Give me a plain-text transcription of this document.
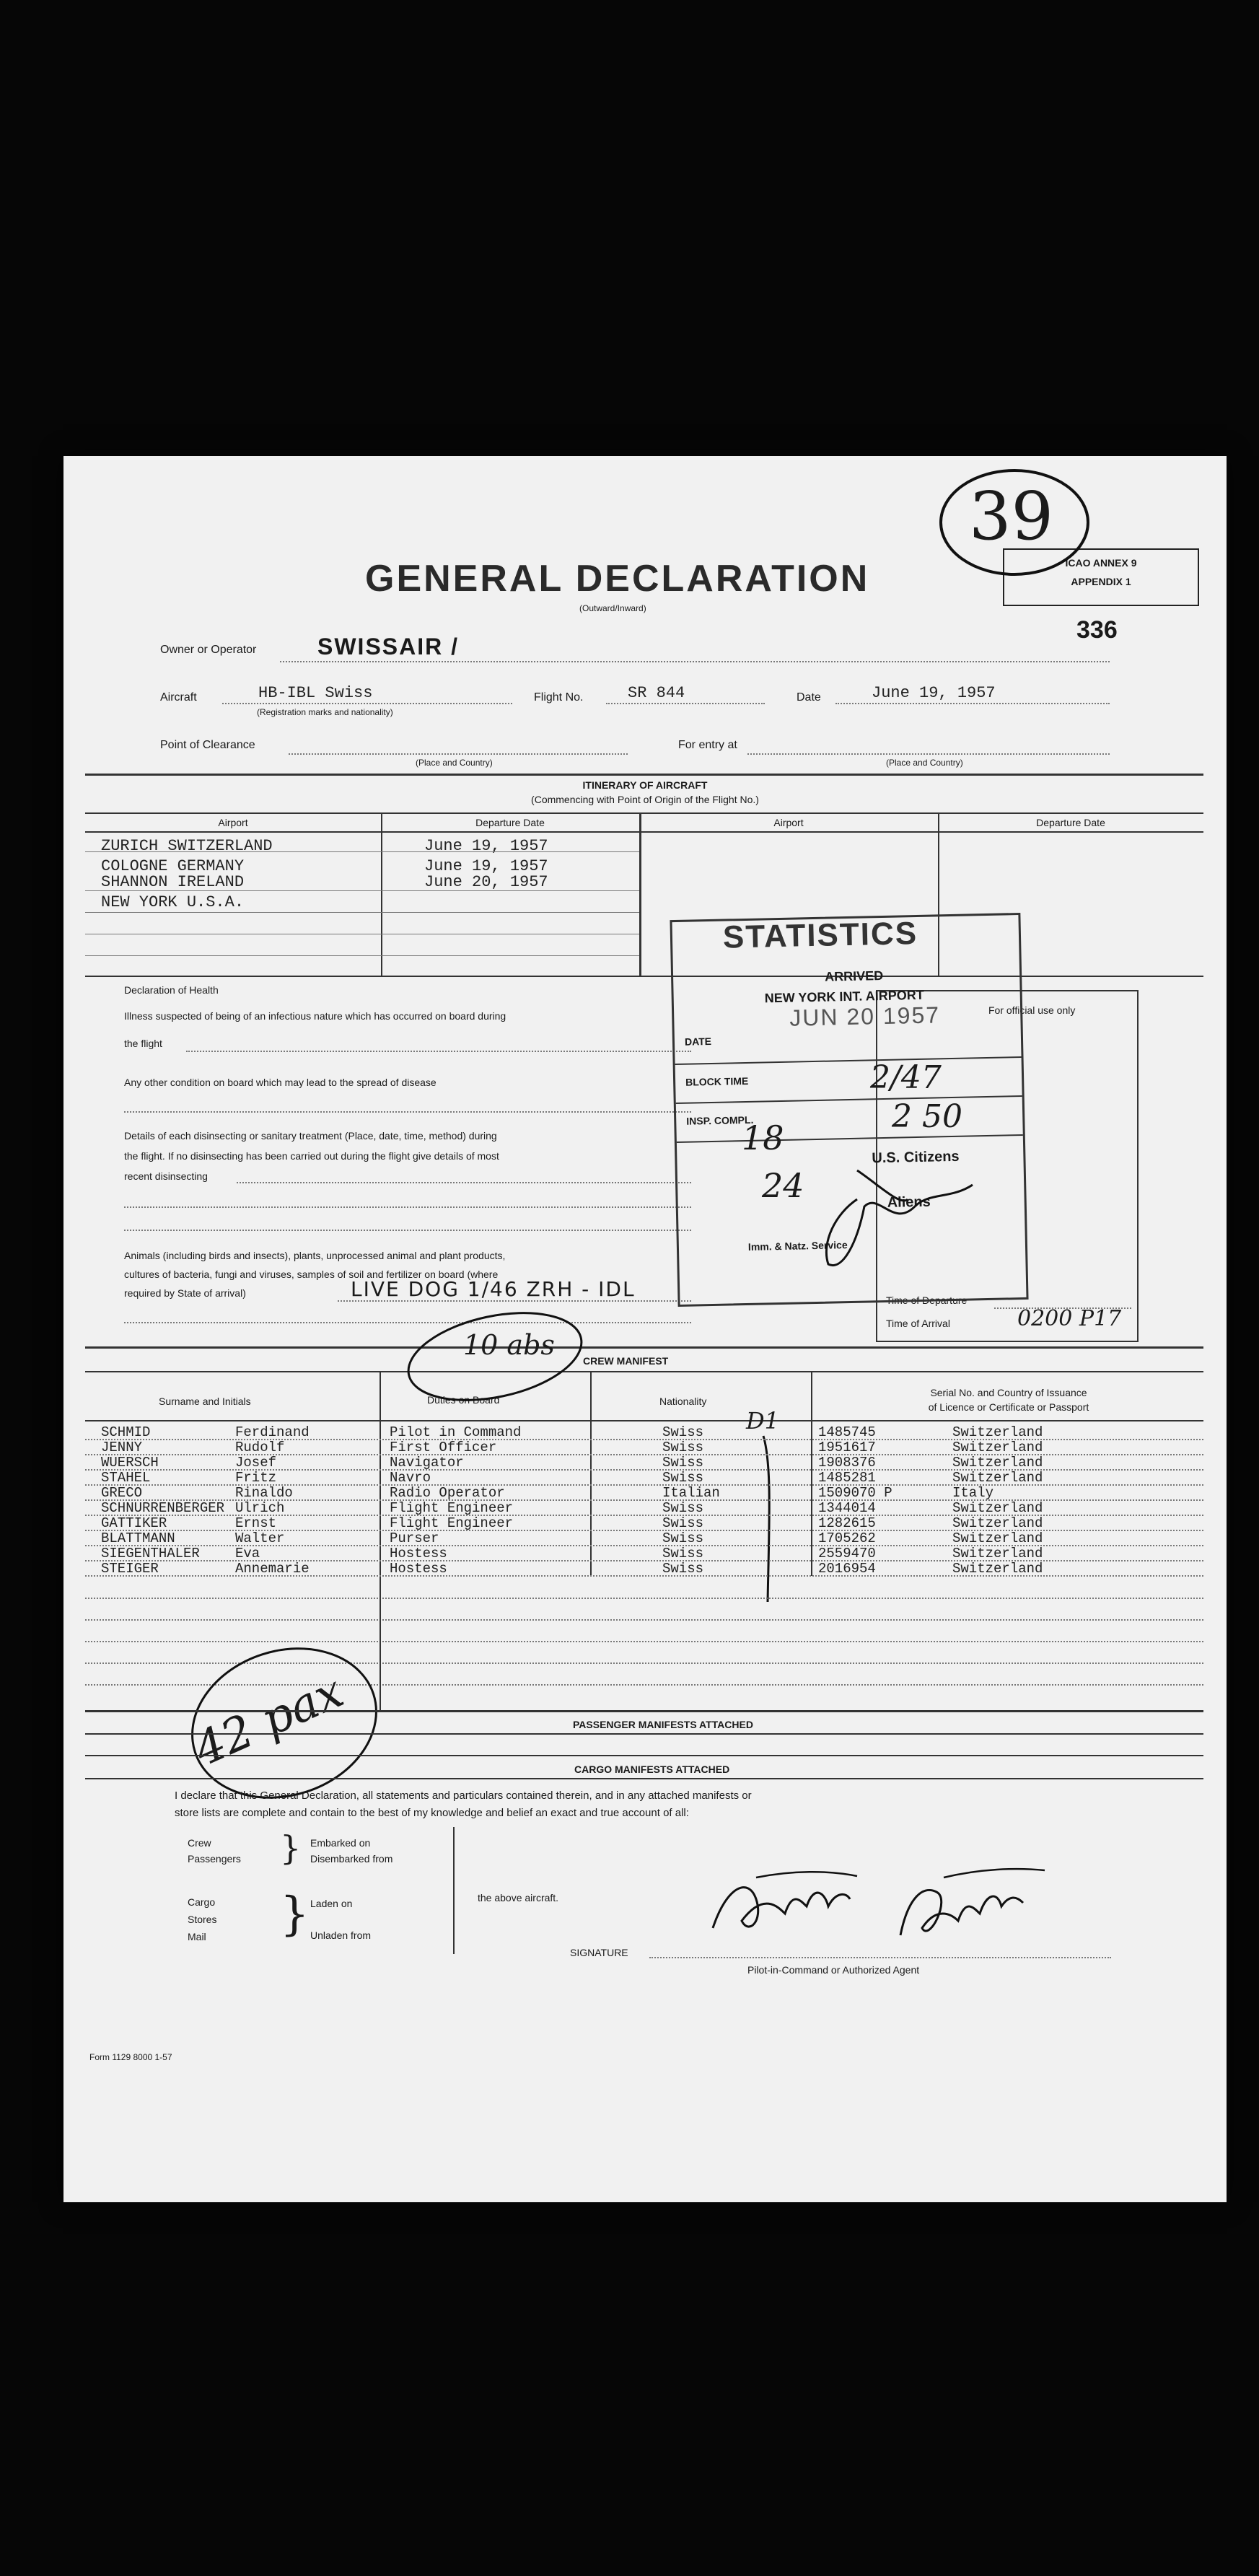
GENERAL DECLARATION
(Outward/Inward)
ICAO ANNEX 9
APPENDIX 1
39
336
Owner or Operator	SWISSAIR /
Aircraft	HB-IBL Swiss
(Registration marks and nationality)
Flight No.	SR 844	Date	June 19, 1957
Point of Clearance
(Place and Country)
For entry at
(Place and Country)
ITINERARY OF AIRCRAFT
(Commencing with Point of Origin of the Flight No.)
Airport	Departure Date	Airport	Departure Date
ZURICH SWITZERLAND	June 19, 1957
COLOGNE GERMANY	June 19, 1957
SHANNON IRELAND	June 20, 1957
NEW YORK U.S.A.
Declaration of Health
Illness suspected of being of an infectious nature which has occurred on board during
the flight
Any other condition on board which may lead to the spread of disease
Details of each disinsecting or sanitary treatment (Place, date, time, method) during
the flight. If no disinsecting has been carried out during the flight give details of most
recent disinsecting
Animals (including birds and insects), plants, unprocessed animal and plant products,
cultures of bacteria, fungi and viruses, samples of soil and fertilizer on board (where
required by State of arrival)	LIVE DOG 1/46 ZRH - IDL
For official use only
Time of Departure
Time of Arrival	0200 P17
STATISTICS
ARRIVED
NEW YORK INT. AIRPORT
JUN 20 1957
DATE
BLOCK TIME
INSP. COMPL.
U.S. Citizens
Aliens
Imm. & Natz. Service
2/47
2 50
18
24
CREW MANIFEST
Surname and Initials	Duties on Board	Nationality
Serial No. and Country of Issuance
of Licence or Certificate or Passport
10 abs
D1
42 pax	PASSENGER MANIFESTS ATTACHED
CARGO MANIFESTS ATTACHED
I declare that this General Declaration, all statements and particulars contained therein, and in any attached manifests or
store lists are complete and contain to the best of my knowledge and belief an exact and true account of all:
Crew
Passengers } Embarked on
Disembarked from
Cargo
Stores
Mail } Laden on
Unladen from
the above aircraft.
SIGNATURE
Pilot-in-Command or Authorized Agent
Form 1129 8000 1-57
SCHMID	Ferdinand	Pilot in Command	Swiss	1485745	Switzerland
JENNY	Rudolf	First Officer	Swiss	1951617	Switzerland
WUERSCH	Josef	Navigator	Swiss	1908376	Switzerland
STAHEL	Fritz	Navro	Swiss	1485281	Switzerland
GRECO	Rinaldo	Radio Operator	Italian	1509070 P	Italy
SCHNURRENBERGER Ulrich	Flight Engineer	Swiss	1344014	Switzerland
GATTIKER	Ernst	Flight Engineer	Swiss	1282615	Switzerland
BLATTMANN	Walter	Purser	Swiss	1705262	Switzerland
SIEGENTHALER	Eva	Hostess	Swiss	2559470	Switzerland
STEIGER	Annemarie	Hostess	Swiss	2016954	Switzerland
